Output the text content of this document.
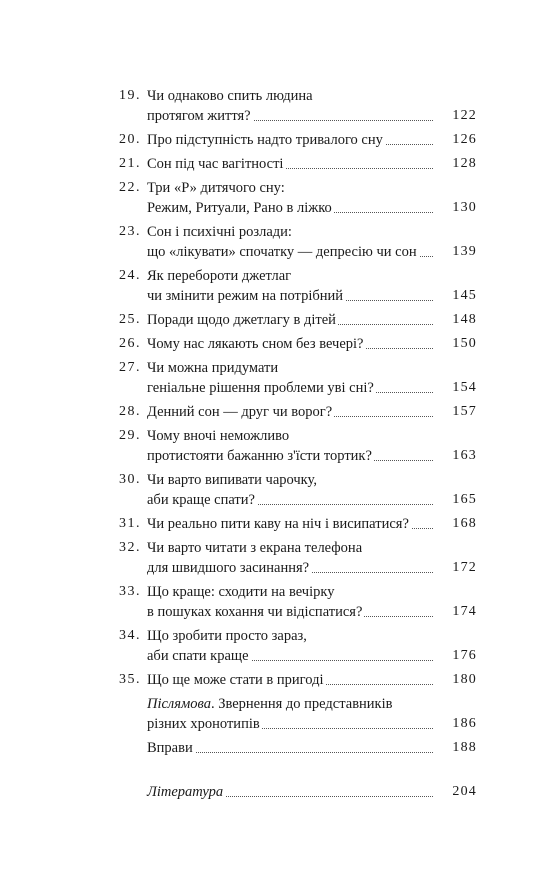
19. Чи однаково спить людина
протягом життя?	122
20. Про підступність надто тривалого сну	126
21. Сон під час вагітності	128
22. Три «Р» дитячого сну:
Режим, Ритуали, Рано в ліжко	130
23. Сон і психічні розлади:
що «лікувати» спочатку — депресію чи сон	139
24. Як перебороти джетлаг
чи змінити режим на потрібний	145
25. Поради щодо джетлагу в дітей	148
26. Чому нас лякають сном без вечері?	150
27. Чи можна придумати
геніальне рішення проблеми уві сні?	154
28. Денний сон — друг чи ворог?	157
29. Чому вночі неможливо
протистояти бажанню з'їсти тортик?	163
30. Чи варто випивати чарочку,
аби краще спати?	165
31. Чи реально пити каву на ніч і висипатися?	168
32. Чи варто читати з екрана телефона
для швидшого засинання?	172
33. Що краще: сходити на вечірку
в пошуках кохання чи відіспатися?	174
34. Що зробити просто зараз,
аби спати краще	176
35. Що ще може стати в пригоді	180
Післямова. Звернення до представників
різних хронотипів	186
Вправи	188
Література	204
